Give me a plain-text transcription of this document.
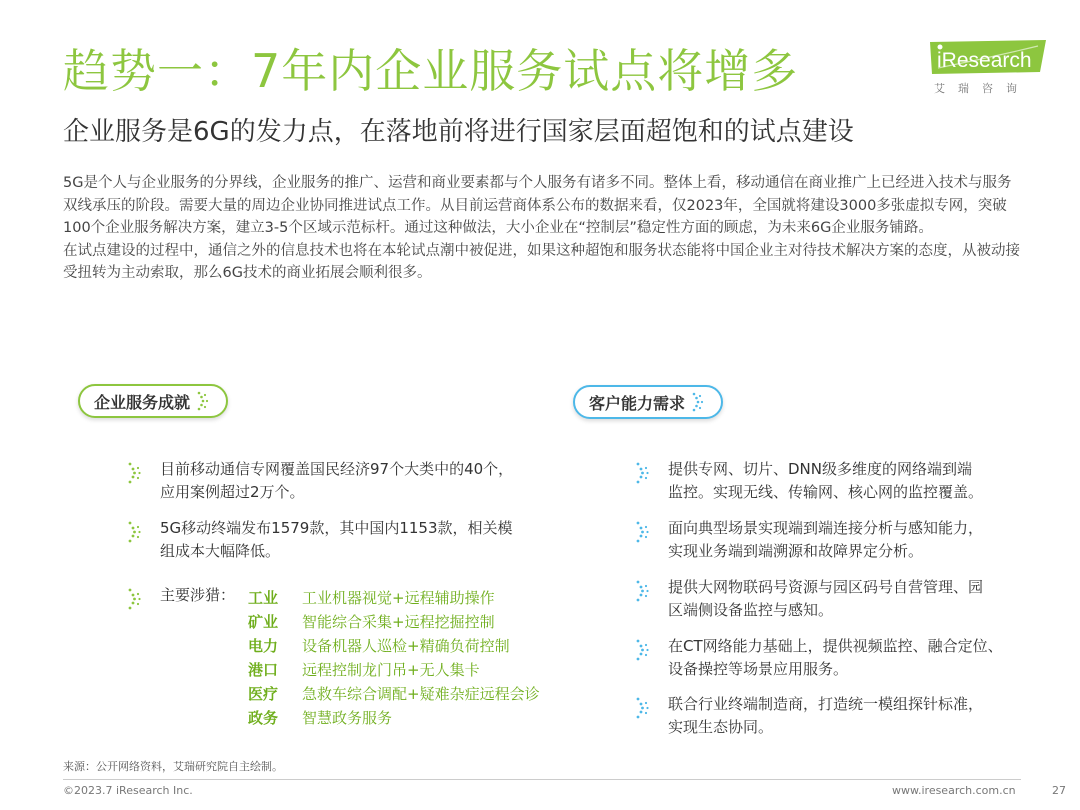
趋势一：7年内企业服务试点将增多	iResearch
艾瑞咨询
企业服务是6G的发力点，在落地前将进行国家层面超饱和的试点建设

5G是个人与企业服务的分界线，企业服务的推广、运营和商业要素都与个人服务有诸多不同。整体上看，移动通信在商业推广上已经进入技术与服务双线承压的阶段。需要大量的周边企业协同推进试点工作。从目前运营商体系公布的数据来看，仅2023年，全国就将建设3000多张虚拟专网，突破100个企业服务解决方案，建立3-5个区域示范标杆。通过这种做法，大小企业在“控制层”稳定性方面的顾虑，为未来6G企业服务铺路。

在试点建设的过程中，通信之外的信息技术也将在本轮试点潮中被促进，如果这种超饱和服务状态能将中国企业主对待技术解决方案的态度，从被动接受扭转为主动索取，那么6G技术的商业拓展会顺利很多。

企业服务成就	客户能力需求
目前移动通信专网覆盖国民经济97个大类中的40个，
应用案例超过2万个。
5G移动终端发布1579款，其中国内1153款，相关模
组成本大幅降低。
主要涉猎： 工业	工业机器视觉+远程辅助操作
矿业	智能综合采集+远程挖掘控制
电力	设备机器人巡检+精确负荷控制
港口	远程控制龙门吊+无人集卡
医疗	急救车综合调配+疑难杂症远程会诊
政务	智慧政务服务
提供专网、切片、DNN级多维度的网络端到端
监控。实现无线、传输网、核心网的监控覆盖。
面向典型场景实现端到端连接分析与感知能力，
实现业务端到端溯源和故障界定分析。
提供大网物联码号资源与园区码号自营管理、园
区端侧设备监控与感知。
在CT网络能力基础上，提供视频监控、融合定位、
设备操控等场景应用服务。
联合行业终端制造商，打造统一模组探针标准，
实现生态协同。
来源：公开网络资料，艾瑞研究院自主绘制。
©2023.7 iResearch Inc.	www.iresearch.com.cn	27
